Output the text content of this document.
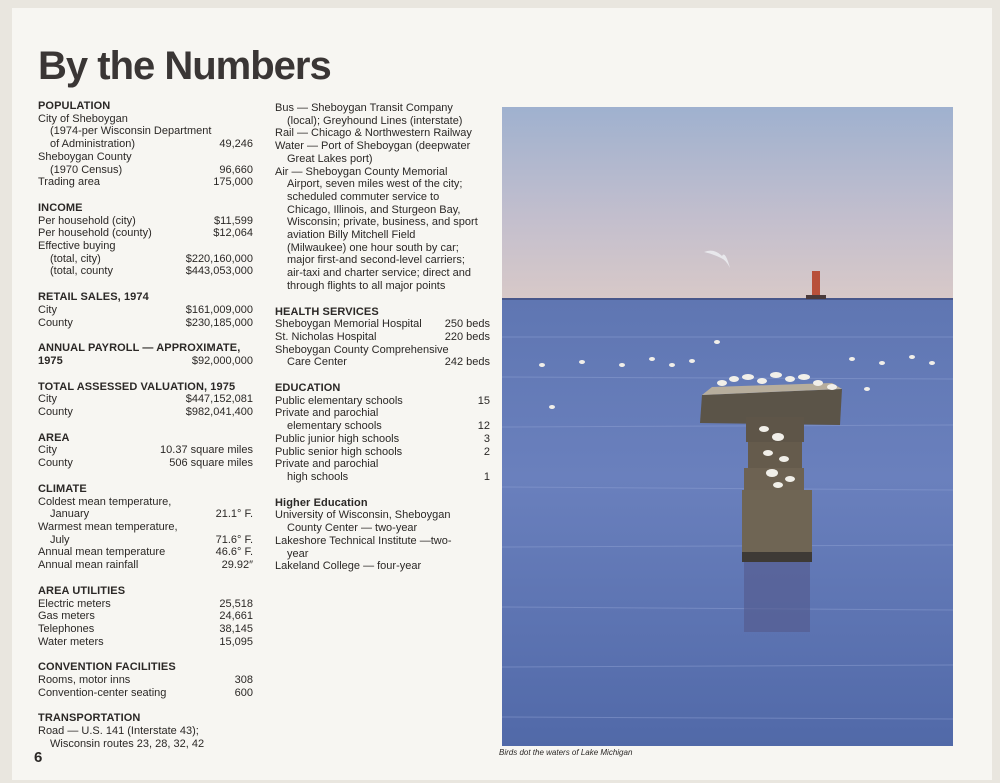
By the Numbers
POPULATION
City of Sheboygan
(1974-per Wisconsin Department
of Administration)	49,246
Sheboygan County
(1970 Census)	96,660
Trading area	175,000
INCOME
Per household (city)	$11,599
Per household (county)	$12,064
Effective buying
(total, city)	$220,160,000
(total, county	$443,053,000
RETAIL SALES, 1974
City	$161,009,000
County	$230,185,000
ANNUAL PAYROLL — APPROXIMATE,
1975	$92,000,000
TOTAL ASSESSED VALUATION, 1975
City	$447,152,081
County	$982,041,400
AREA
City	10.37 square miles
County	506 square miles
CLIMATE
Coldest mean temperature,
January	21.1° F.
Warmest mean temperature,
July	71.6° F.
Annual mean temperature	46.6° F.
Annual mean rainfall	29.92″
AREA UTILITIES
Electric meters	25,518
Gas meters	24,661
Telephones	38,145
Water meters	15,095
CONVENTION FACILITIES
Rooms, motor inns	308
Convention-center seating	600
TRANSPORTATION
Road — U.S. 141 (Interstate 43);
Wisconsin routes 23, 28, 32, 42
Bus — Sheboygan Transit Company
(local); Greyhound Lines (interstate)
Rail — Chicago & Northwestern Railway
Water — Port of Sheboygan (deepwater
Great Lakes port)
Air — Sheboygan County Memorial
Airport, seven miles west of the city;
scheduled commuter service to
Chicago, Illinois, and Sturgeon Bay,
Wisconsin; private, business, and sport
aviation Billy Mitchell Field
(Milwaukee) one hour south by car;
major first-and second-level carriers;
air-taxi and charter service; direct and
through flights to all major points
HEALTH SERVICES
Sheboygan Memorial Hospital 250 beds
St. Nicholas Hospital	220 beds
Sheboygan County Comprehensive
Care Center	242 beds
EDUCATION
Public elementary schools	15
Private and parochial
elementary schools	12
Public junior high schools	3
Public senior high schools	2
Private and parochial
high schools	1
Higher Education
University of Wisconsin, Sheboygan
County Center — two-year
Lakeshore Technical Institute —two-
year
Lakeland College — four-year
Birds dot the waters of Lake Michigan
6
